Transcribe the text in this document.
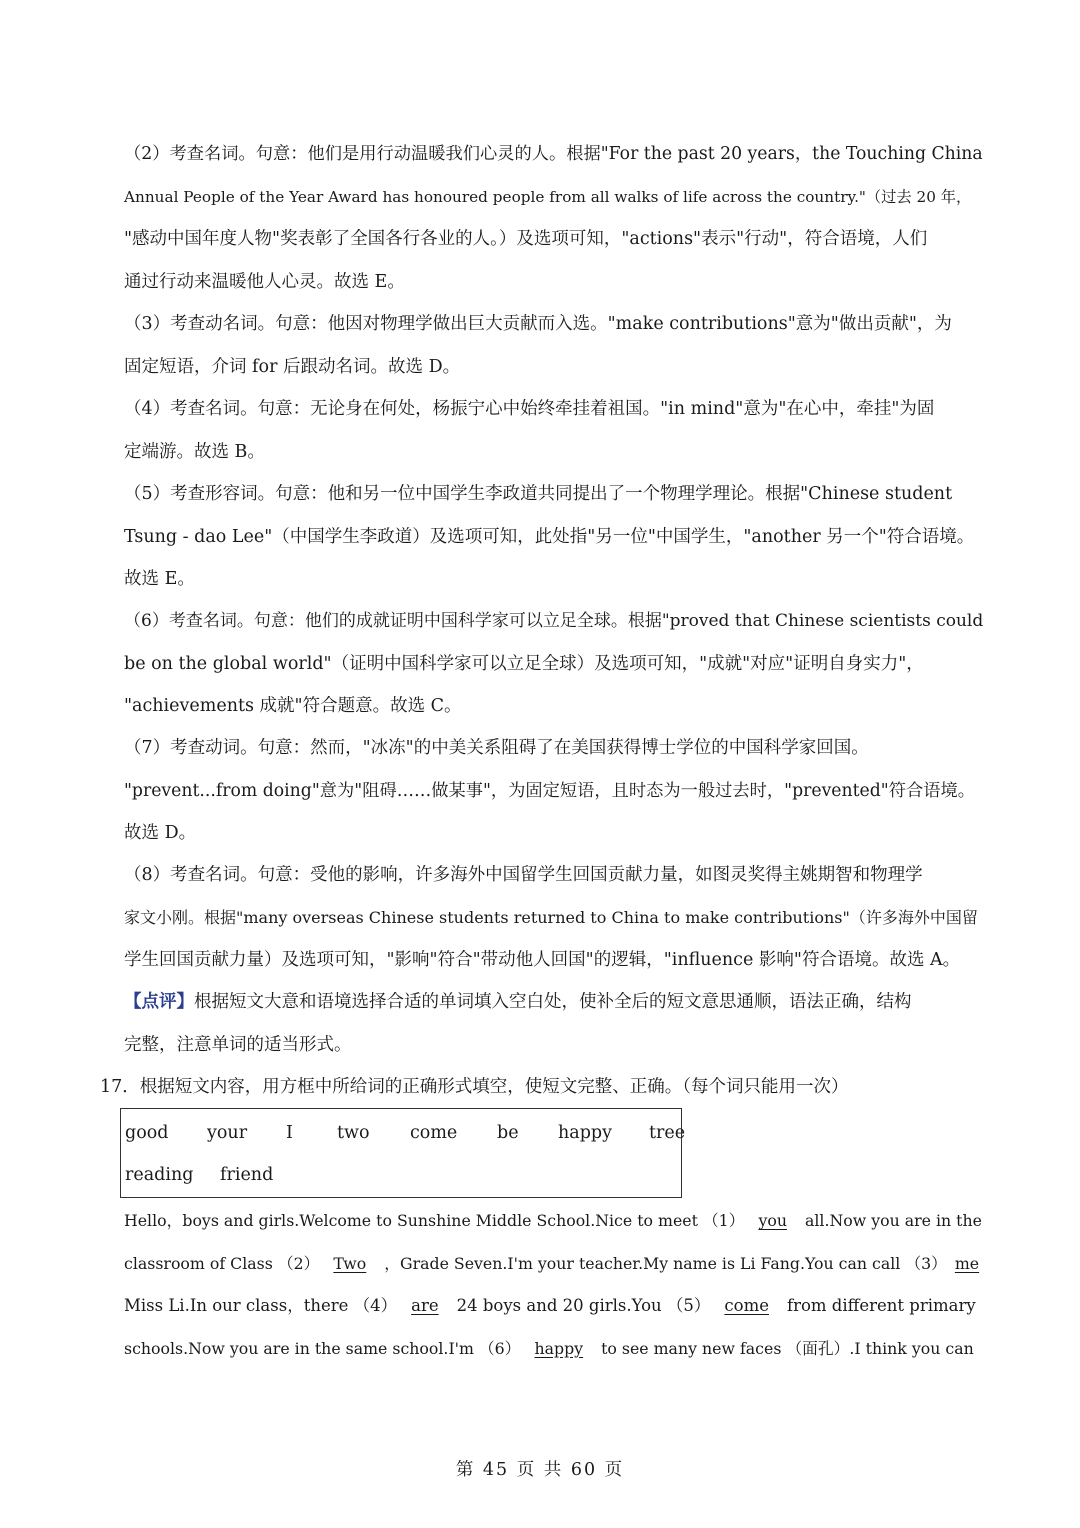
（2）考查名词。句意：他们是用行动温暖我们心灵的人。根据"For the past 20 years，the Touching China
Annual People of the Year Award has honoured people from all walks of life across the country."（过去 20 年，
"感动中国年度人物"奖表彰了全国各行各业的人。）及选项可知，"actions"表示"行动"，符合语境，人们
通过行动来温暖他人心灵。故选 E。
（3）考查动名词。句意：他因对物理学做出巨大贡献而入选。"make contributions"意为"做出贡献"，为
固定短语，介词 for 后跟动名词。故选 D。
（4）考查名词。句意：无论身在何处，杨振宁心中始终牵挂着祖国。"in mind"意为"在心中，牵挂"为固
定端游。故选 B。
（5）考查形容词。句意：他和另一位中国学生李政道共同提出了一个物理学理论。根据"Chinese student
Tsung - dao Lee"（中国学生李政道）及选项可知，此处指"另一位"中国学生，"another 另一个"符合语境。
故选 E。
（6）考查名词。句意：他们的成就证明中国科学家可以立足全球。根据"proved that Chinese scientists could
be on the global world"（证明中国科学家可以立足全球）及选项可知，"成就"对应"证明自身实力"，
"achievements 成就"符合题意。故选 C。
（7）考查动词。句意：然而，"冰冻"的中美关系阻碍了在美国获得博士学位的中国科学家回国。
"prevent...from doing"意为"阻碍……做某事"，为固定短语，且时态为一般过去时，"prevented"符合语境。
故选 D。
（8）考查名词。句意：受他的影响，许多海外中国留学生回国贡献力量，如图灵奖得主姚期智和物理学
家文小刚。根据"many overseas Chinese students returned to China to make contributions"（许多海外中国留
学生回国贡献力量）及选项可知，"影响"符合"带动他人回国"的逻辑，"influence 影响"符合语境。故选 A。
【点评】根据短文大意和语境选择合适的单词填入空白处，使补全后的短文意思通顺，语法正确，结构
完整，注意单词的适当形式。
17．根据短文内容，用方框中所给词的正确形式填空，使短文完整、正确。（每个词只能用一次）
good your I	two come be happy tree
reading friend
Hello，boys and girls.Welcome to Sunshine Middle School.Nice to meet （1） you all.Now you are in the
classroom of Class （2） Two ，Grade Seven.I'm your teacher.My name is Li Fang.You can call （3） me
Miss Li.In our class，there （4） are 24 boys and 20 girls.You （5） come from different primary
schools.Now you are in the same school.I'm （6） happy to see many new faces （面孔）.I think you can
第 45 页 共 60 页
